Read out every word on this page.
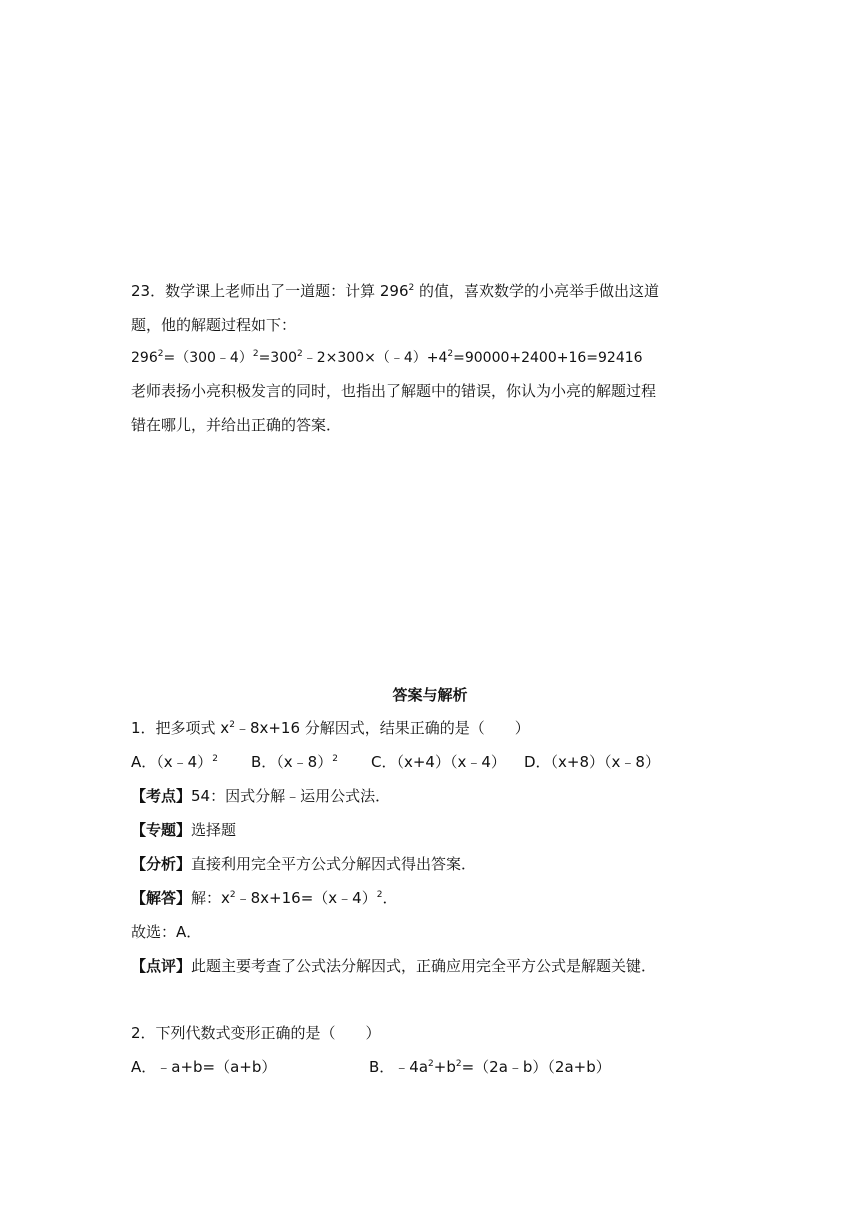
23．数学课上老师出了一道题：计算 $296^2$ 的值，喜欢数学的小亮举手做出这道
题，他的解题过程如下：
$296^2=(300﹣4)^2=300^2﹣2\times 300\times(﹣4)+4^2=90000+2400+16=92416$
老师表扬小亮积极发言的同时，也指出了解题中的错误，你认为小亮的解题过程
错在哪儿，并给出正确的答案．
答案与解析
1．把多项式 $x^2﹣8x+16$ 分解因式，结果正确的是（　　）
A．（x﹣4）$^2$ B．（x﹣8）$^2$ C．（x+4）（x﹣4） D．（x+8）（x﹣8）
【考点】54：因式分解﹣运用公式法．
【专题】选择题
【分析】直接利用完全平方公式分解因式得出答案．
【解答】解：$x^2﹣8x+16=(x﹣4)^2$．
故选：A．
【点评】此题主要考查了公式法分解因式，正确应用完全平方公式是解题关键．
2．下列代数式变形正确的是（　　）
A．﹣a+b=（a+b）	B．$﹣4a^2+b^2=(2a﹣b)(2a+b)$
